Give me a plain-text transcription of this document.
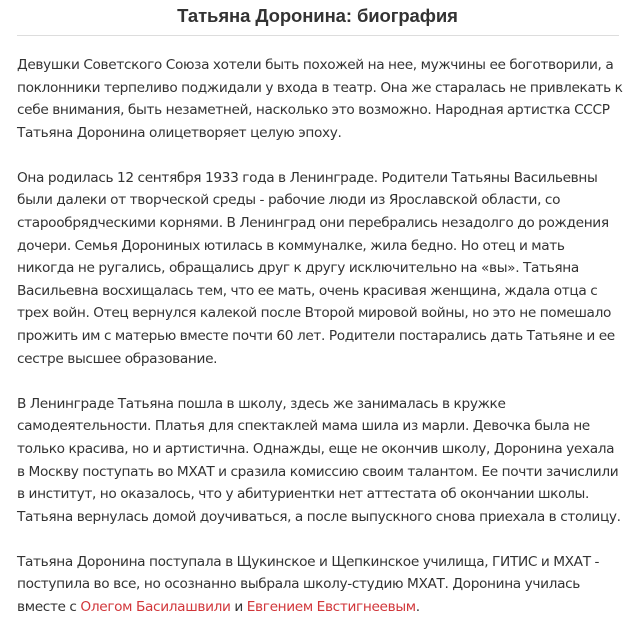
Татьяна Доронина: биография

Девушки Советского Союза хотели быть похожей на нее, мужчины ее боготворили, а поклонники терпеливо поджидали у входа в театр. Она же старалась не привлекать к себе внимания, быть незаметней, насколько это возможно. Народная артистка СССР Татьяна Доронина олицетворяет целую эпоху.

Она родилась 12 сентября 1933 года в Ленинграде. Родители Татьяны Васильевны были далеки от творческой среды - рабочие люди из Ярославской области, со старообрядческими корнями. В Ленинград они перебрались незадолго до рождения дочери. Семья Дорониных ютилась в коммуналке, жила бедно. Но отец и мать никогда не ругались, обращались друг к другу исключительно на «вы». Татьяна Васильевна восхищалась тем, что ее мать, очень красивая женщина, ждала отца с трех войн. Отец вернулся калекой после Второй мировой войны, но это не помешало прожить им с матерью вместе почти 60 лет. Родители постарались дать Татьяне и ее сестре высшее образование.

В Ленинграде Татьяна пошла в школу, здесь же занималась в кружке самодеятельности. Платья для спектаклей мама шила из марли. Девочка была не только красива, но и артистична. Однажды, еще не окончив школу, Доронина уехала в Москву поступать во МХАТ и сразила комиссию своим талантом. Ее почти зачислили в институт, но оказалось, что у абитуриентки нет аттестата об окончании школы. Татьяна вернулась домой доучиваться, а после выпускного снова приехала в столицу.

Татьяна Доронина поступала в Щукинское и Щепкинское училища, ГИТИС и МХАТ - поступила во все, но осознанно выбрала школу-студию МХАТ. Доронина училась вместе с Олегом Басилашвили и Евгением Евстигнеевым.
